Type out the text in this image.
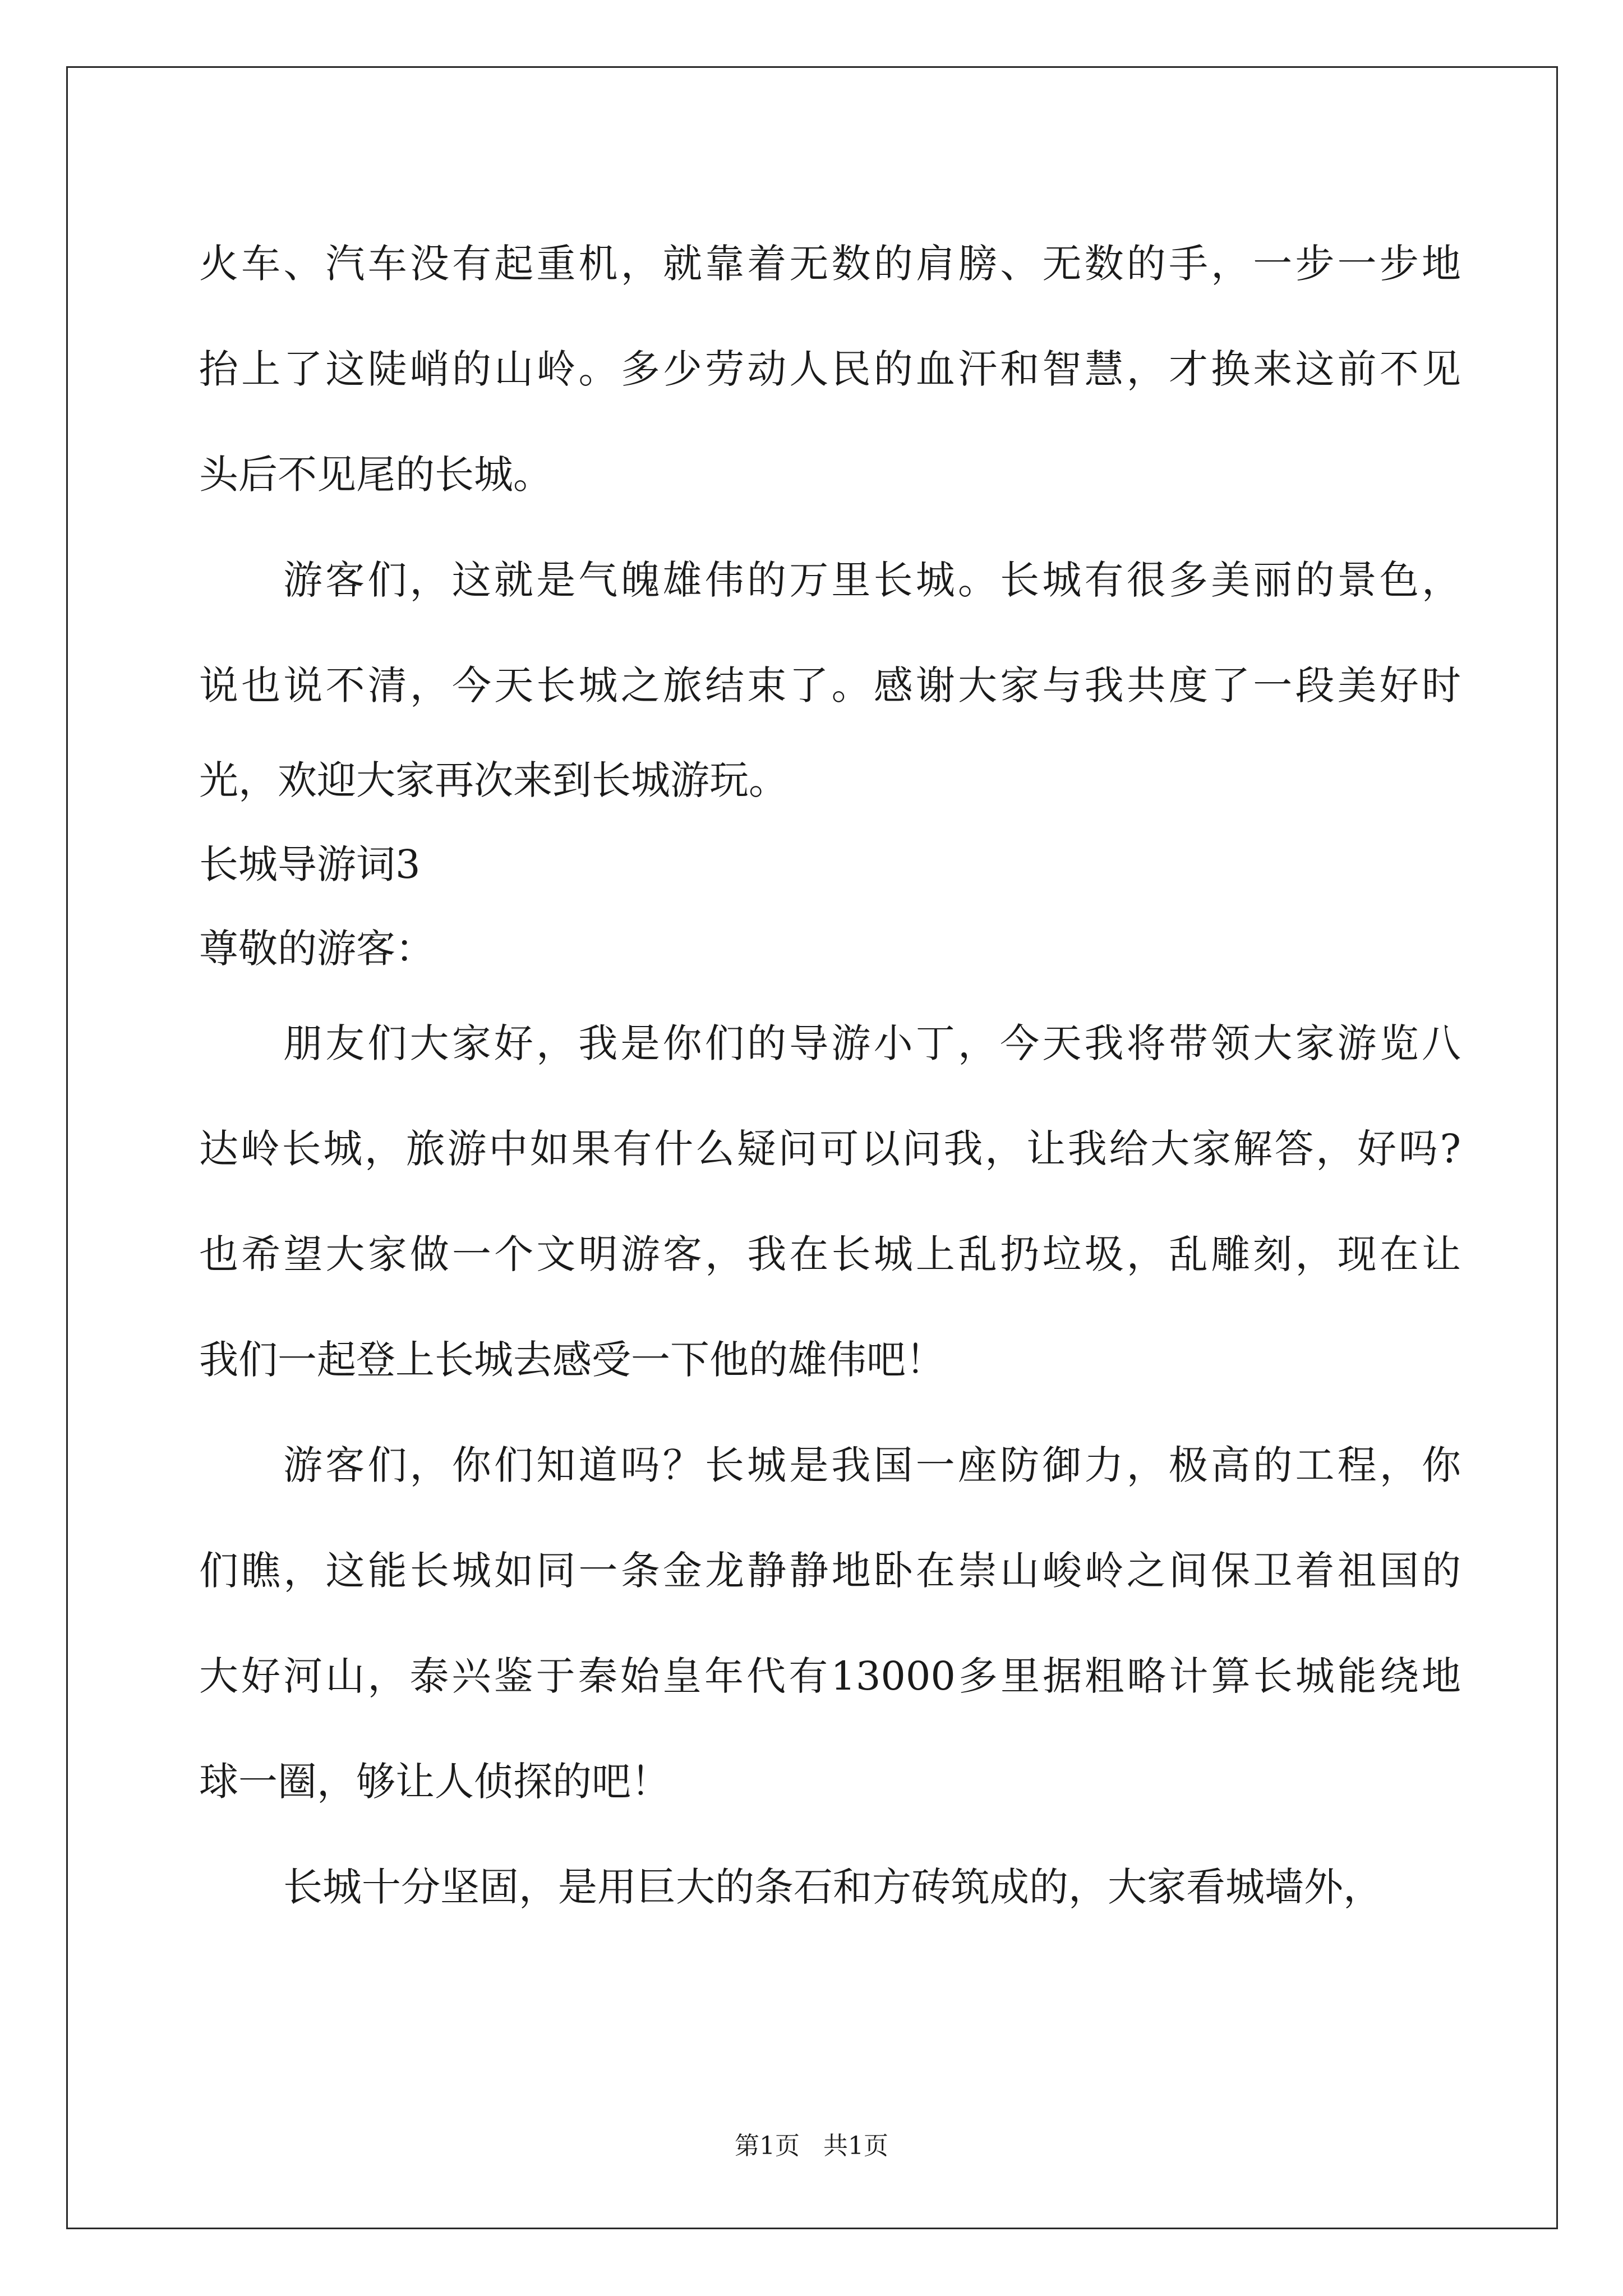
火车、汽车没有起重机，就靠着无数的肩膀、无数的手，一步一步地
抬上了这陡峭的山岭。多少劳动人民的血汗和智慧，才换来这前不见
头后不见尾的长城。
游客们，这就是气魄雄伟的万里长城。长城有很多美丽的景色，
说也说不清，今天长城之旅结束了。感谢大家与我共度了一段美好时
光，欢迎大家再次来到长城游玩。
长城导游词3
尊敬的游客：
朋友们大家好，我是你们的导游小丁，今天我将带领大家游览八
达岭长城，旅游中如果有什么疑问可以问我，让我给大家解答，好吗?
也希望大家做一个文明游客，我在长城上乱扔垃圾，乱雕刻，现在让
我们一起登上长城去感受一下他的雄伟吧！
游客们，你们知道吗？长城是我国一座防御力，极高的工程，你
们瞧，这能长城如同一条金龙静静地卧在崇山峻岭之间保卫着祖国的
大好河山，泰兴鉴于秦始皇年代有13000多里据粗略计算长城能绕地
球一圈，够让人侦探的吧！
长城十分坚固，是用巨大的条石和方砖筑成的，大家看城墙外，
第1页 共1页
